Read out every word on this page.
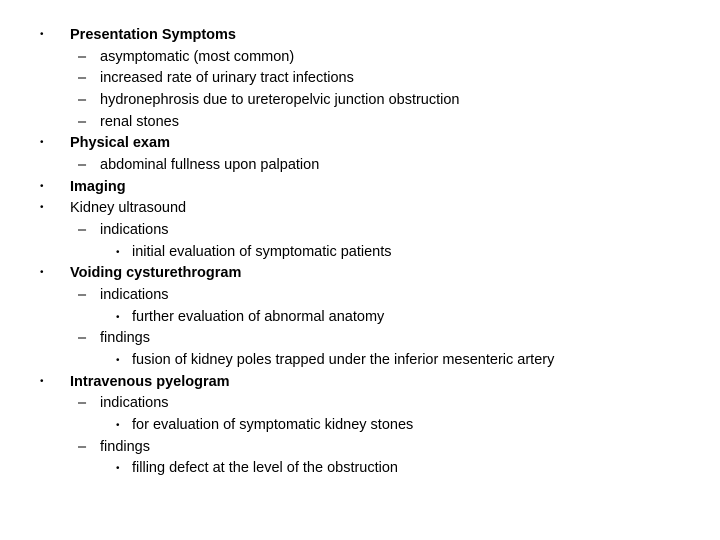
• Presentation Symptoms
– asymptomatic (most common)
– increased rate of urinary tract infections
– hydronephrosis due to ureteropelvic junction obstruction
– renal stones
• Physical exam
– abdominal fullness upon palpation
• Imaging
• Kidney ultrasound
– indications
• initial evaluation of symptomatic patients
• Voiding cysturethrogram
– indications
• further evaluation of abnormal anatomy
– findings
• fusion of kidney poles trapped under the inferior mesenteric artery
• Intravenous pyelogram
– indications
• for evaluation of symptomatic kidney stones
– findings
• filling defect at the level of the obstruction
